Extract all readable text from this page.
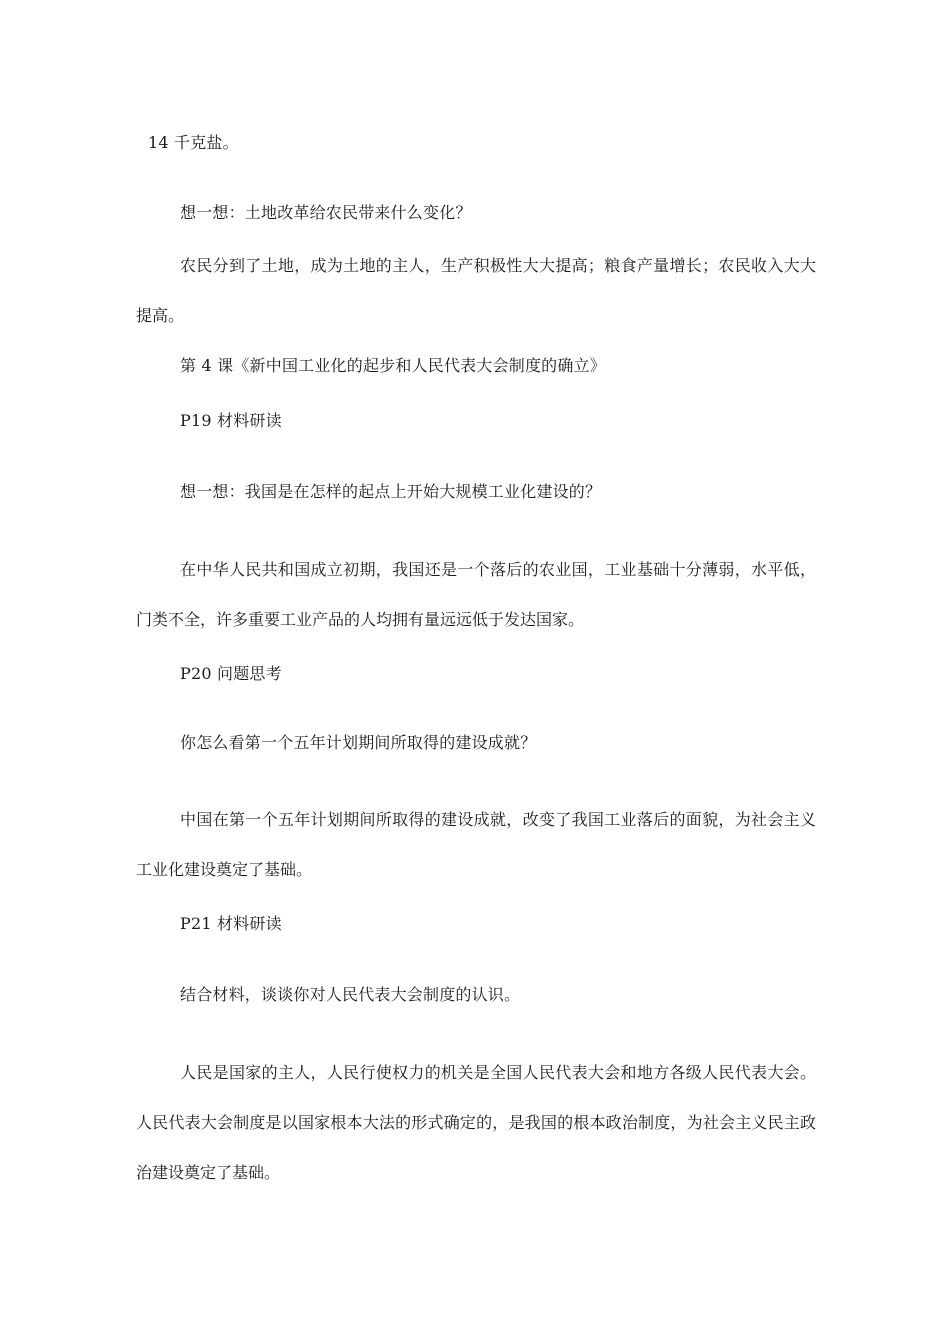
14 千克盐。
想一想：土地改革给农民带来什么变化？
农民分到了土地，成为土地的主人，生产积极性大大提高；粮食产量增长；农民收入大大提高。
第 4 课《新中国工业化的起步和人民代表大会制度的确立》
P19 材料研读
想一想：我国是在怎样的起点上开始大规模工业化建设的？
在中华人民共和国成立初期，我国还是一个落后的农业国，工业基础十分薄弱，水平低，门类不全，许多重要工业产品的人均拥有量远远低于发达国家。
P20 问题思考
你怎么看第一个五年计划期间所取得的建设成就？
中国在第一个五年计划期间所取得的建设成就，改变了我国工业落后的面貌，为社会主义工业化建设奠定了基础。
P21 材料研读
结合材料，谈谈你对人民代表大会制度的认识。
人民是国家的主人，人民行使权力的机关是全国人民代表大会和地方各级人民代表大会。人民代表大会制度是以国家根本大法的形式确定的，是我国的根本政治制度，为社会主义民主政治建设奠定了基础。
